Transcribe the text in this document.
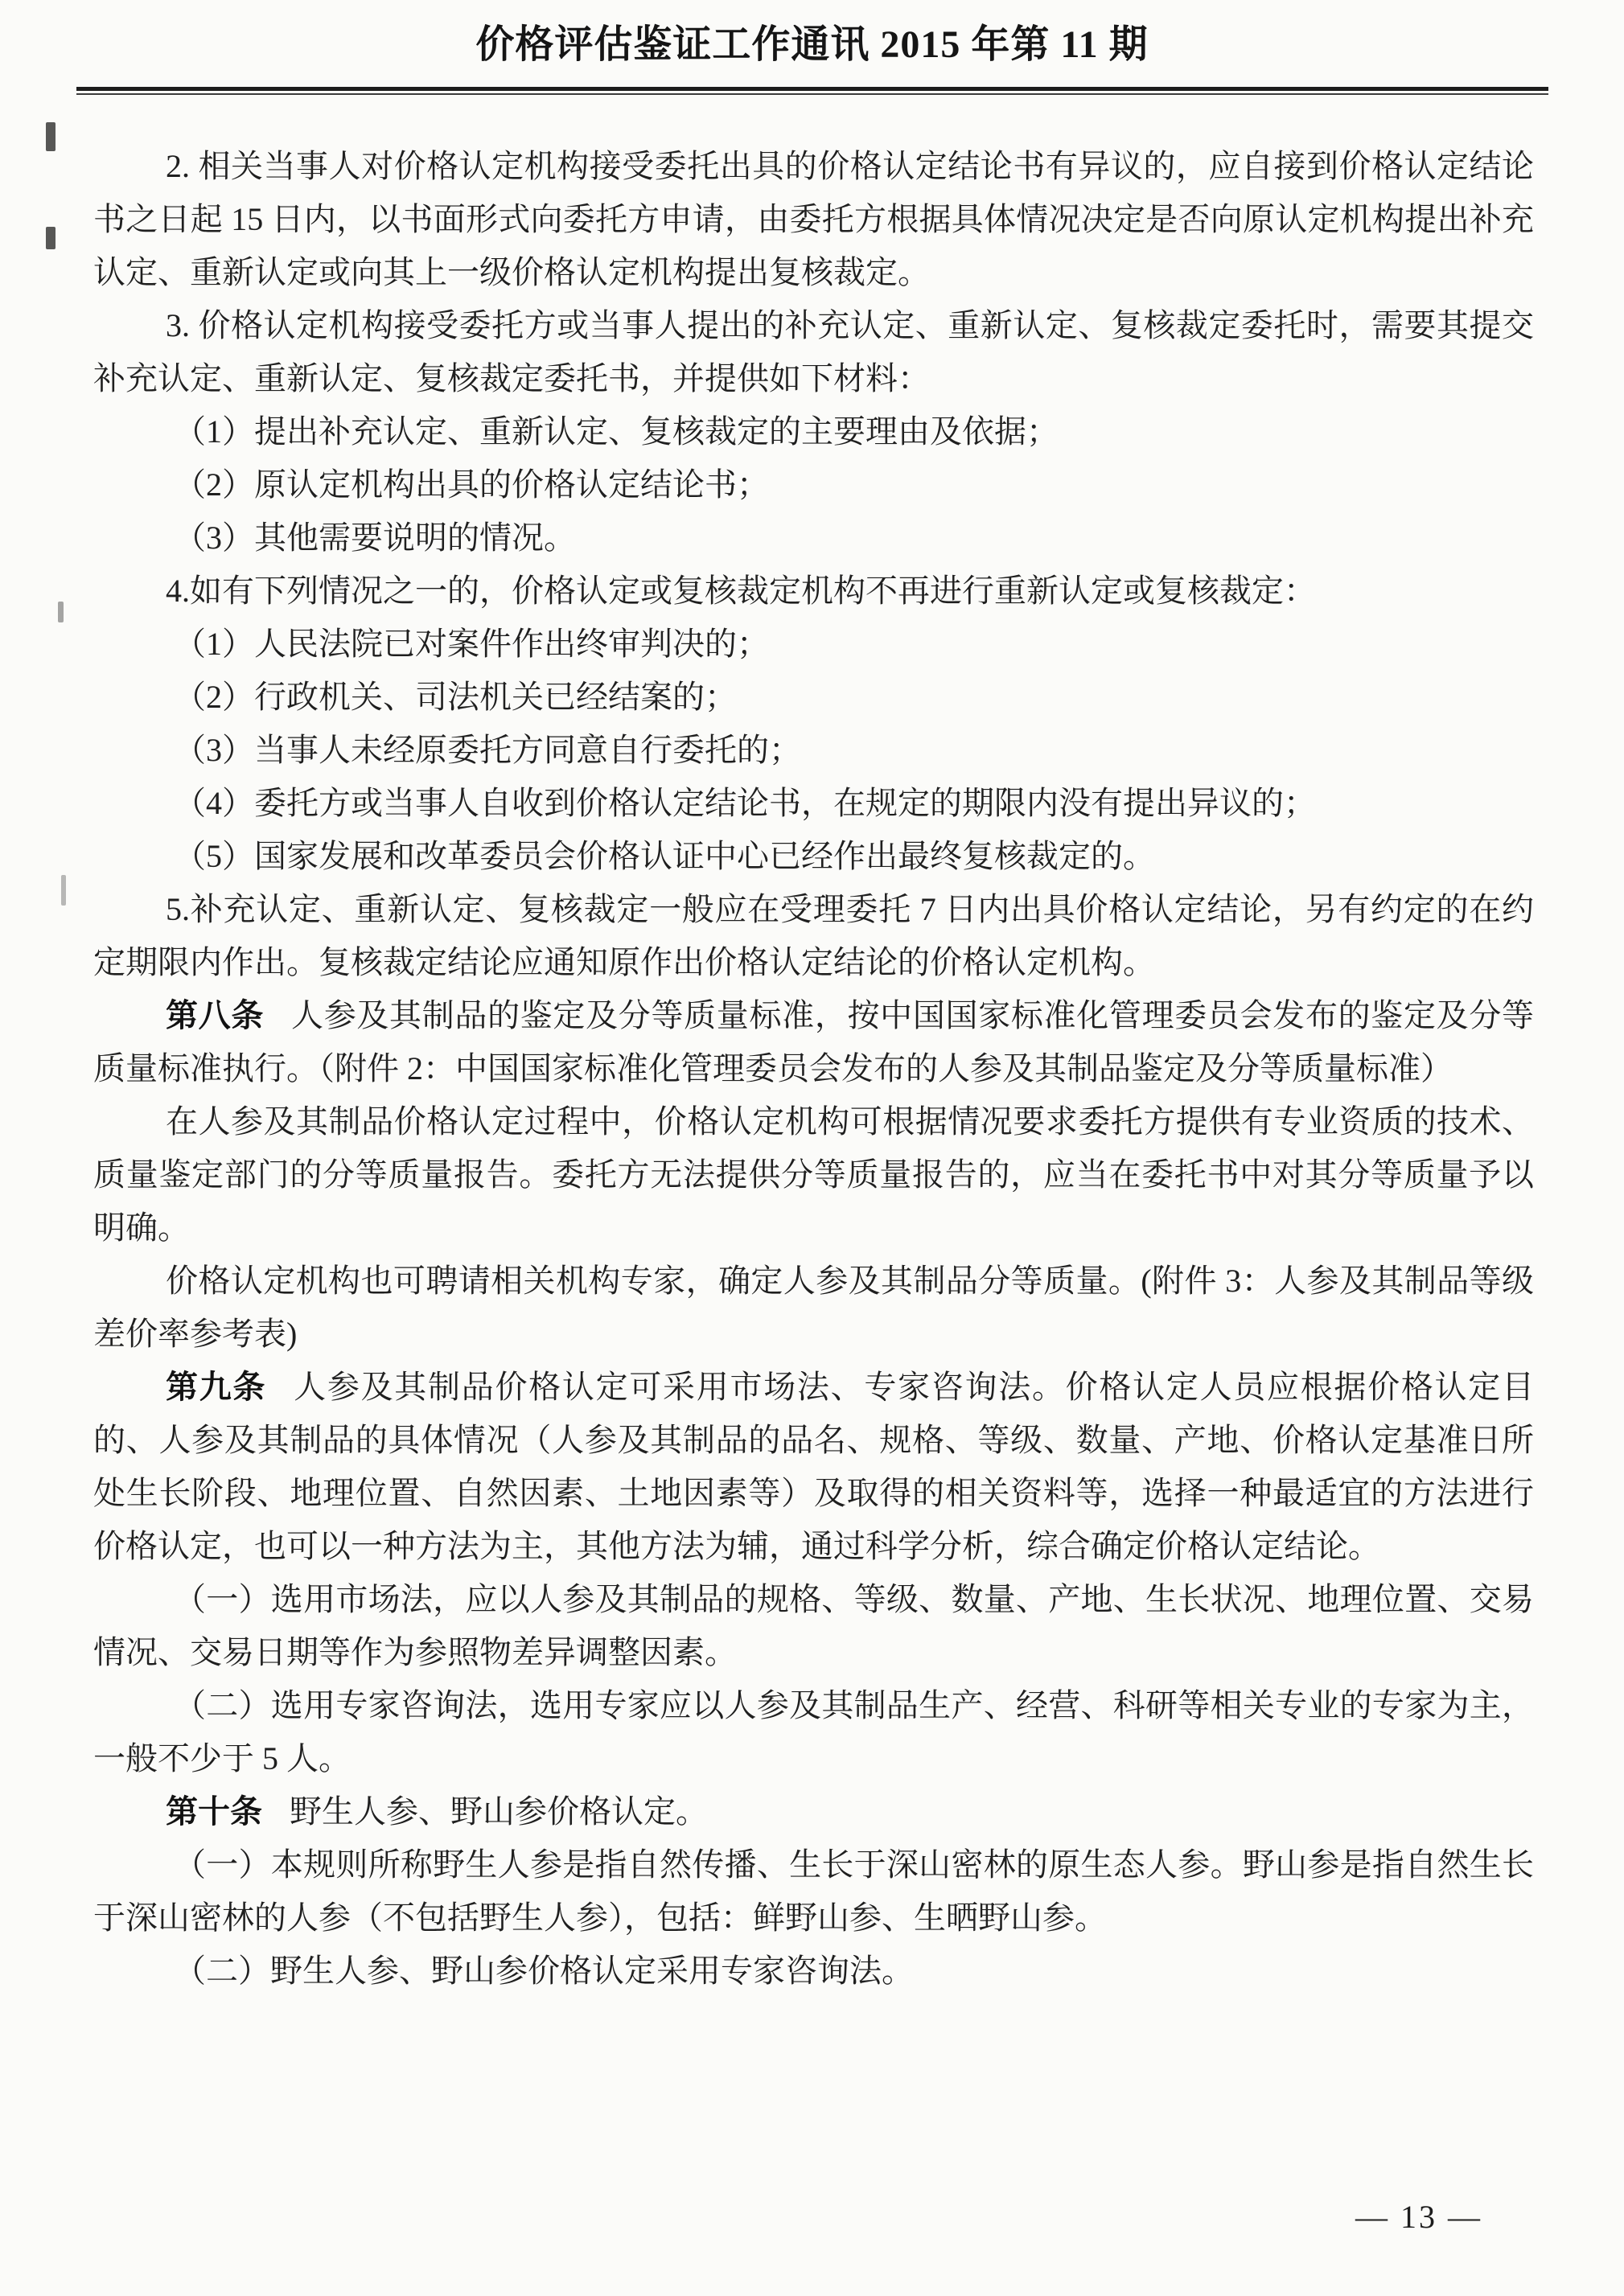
价格评估鉴证工作通讯 2015 年第 11 期

2. 相关当事人对价格认定机构接受委托出具的价格认定结论书有异议的，应自接到价格认定结论书之日起 15 日内，以书面形式向委托方申请，由委托方根据具体情况决定是否向原认定机构提出补充认定、重新认定或向其上一级价格认定机构提出复核裁定。

3. 价格认定机构接受委托方或当事人提出的补充认定、重新认定、复核裁定委托时，需要其提交补充认定、重新认定、复核裁定委托书，并提供如下材料：

（1）提出补充认定、重新认定、复核裁定的主要理由及依据；

（2）原认定机构出具的价格认定结论书；

（3）其他需要说明的情况。

4.如有下列情况之一的，价格认定或复核裁定机构不再进行重新认定或复核裁定：

（1）人民法院已对案件作出终审判决的；

（2）行政机关、司法机关已经结案的；

（3）当事人未经原委托方同意自行委托的；

（4）委托方或当事人自收到价格认定结论书，在规定的期限内没有提出异议的；

（5）国家发展和改革委员会价格认证中心已经作出最终复核裁定的。

5.补充认定、重新认定、复核裁定一般应在受理委托 7 日内出具价格认定结论，另有约定的在约定期限内作出。复核裁定结论应通知原作出价格认定结论的价格认定机构。

第八条 人参及其制品的鉴定及分等质量标准，按中国国家标准化管理委员会发布的鉴定及分等质量标准执行。（附件 2：中国国家标准化管理委员会发布的人参及其制品鉴定及分等质量标准）

在人参及其制品价格认定过程中，价格认定机构可根据情况要求委托方提供有专业资质的技术、质量鉴定部门的分等质量报告。委托方无法提供分等质量报告的，应当在委托书中对其分等质量予以明确。

价格认定机构也可聘请相关机构专家，确定人参及其制品分等质量。(附件 3：人参及其制品等级差价率参考表)

第九条 人参及其制品价格认定可采用市场法、专家咨询法。价格认定人员应根据价格认定目的、人参及其制品的具体情况（人参及其制品的品名、规格、等级、数量、产地、价格认定基准日所处生长阶段、地理位置、自然因素、土地因素等）及取得的相关资料等，选择一种最适宜的方法进行价格认定，也可以一种方法为主，其他方法为辅，通过科学分析，综合确定价格认定结论。

（一）选用市场法，应以人参及其制品的规格、等级、数量、产地、生长状况、地理位置、交易情况、交易日期等作为参照物差异调整因素。

（二）选用专家咨询法，选用专家应以人参及其制品生产、经营、科研等相关专业的专家为主，一般不少于 5 人。

第十条 野生人参、野山参价格认定。

（一）本规则所称野生人参是指自然传播、生长于深山密林的原生态人参。野山参是指自然生长于深山密林的人参（不包括野生人参），包括：鲜野山参、生晒野山参。

（二）野生人参、野山参价格认定采用专家咨询法。

— 13 —
